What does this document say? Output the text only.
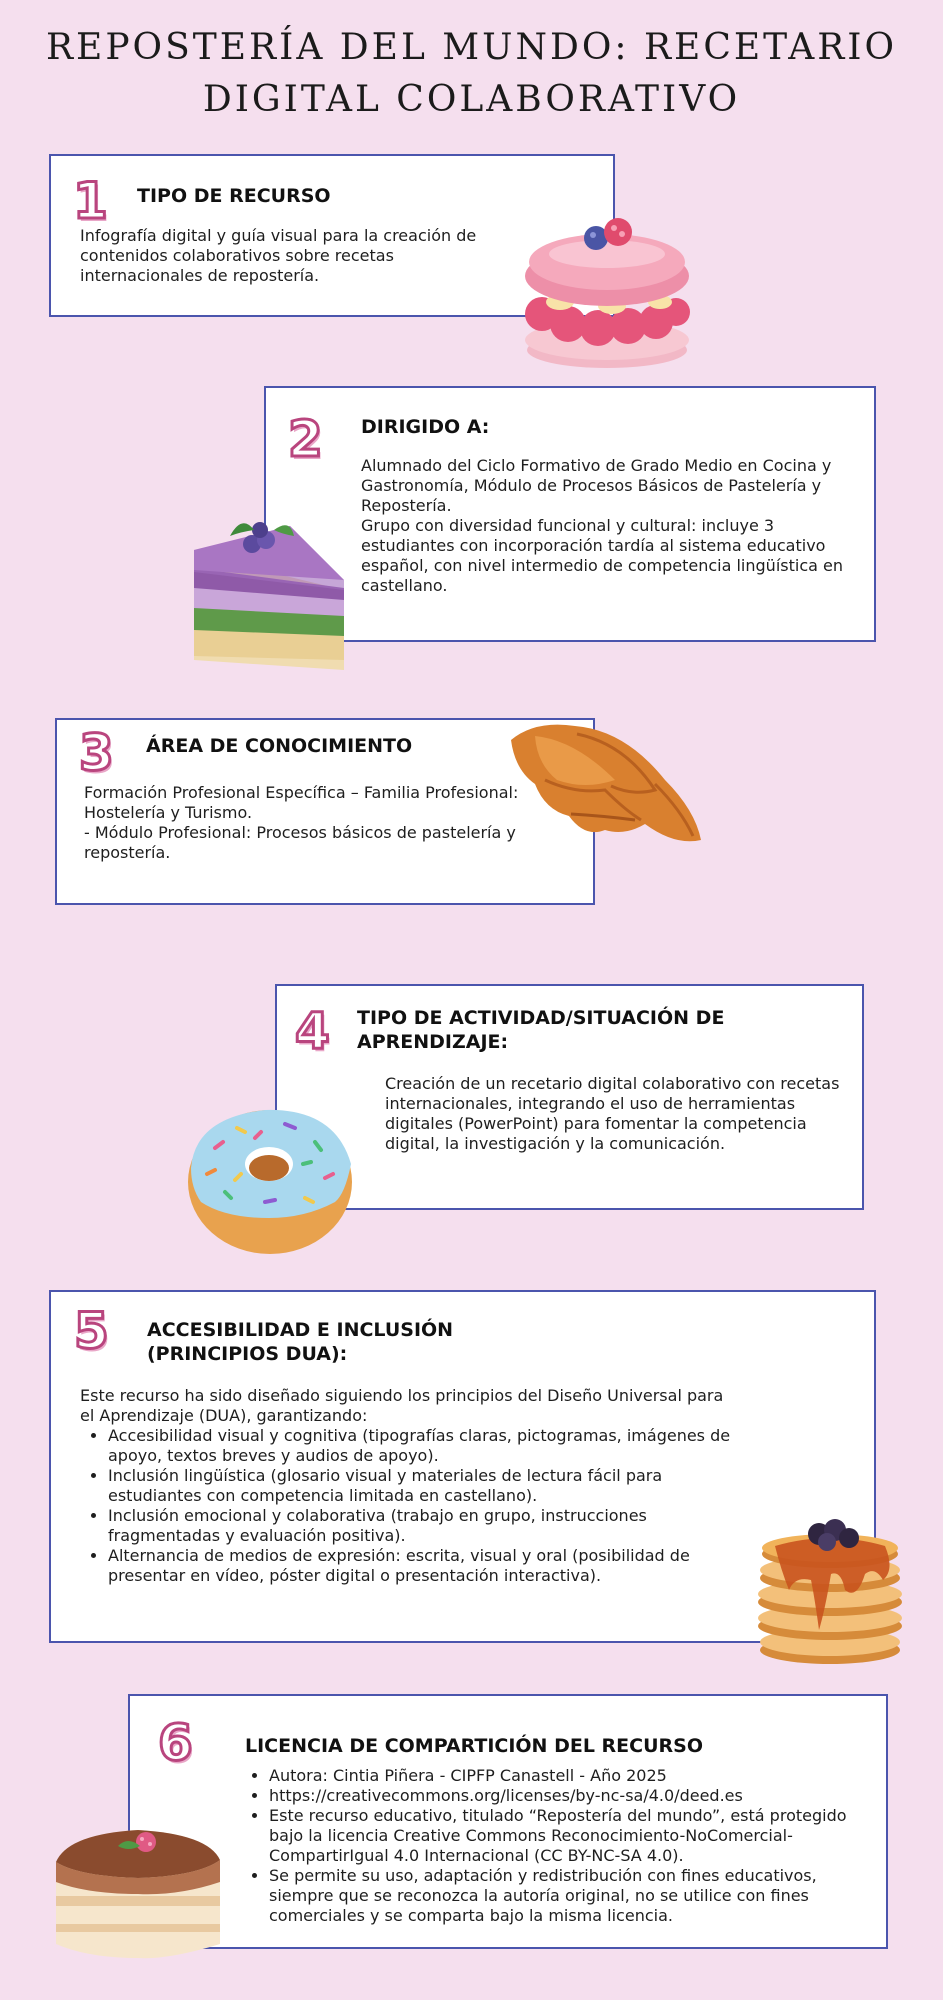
REPOSTERÍA DEL MUNDO: RECETARIO DIGITAL COLABORATIVO
1 TIPO DE RECURSO

Infografía digital y guía visual para la creación de contenidos colaborativos sobre recetas internacionales de repostería.

2 DIRIGIDO A:

Alumnado del Ciclo Formativo de Grado Medio en Cocina y Gastronomía, Módulo de Procesos Básicos de Pastelería y Repostería.

Grupo con diversidad funcional y cultural: incluye 3 estudiantes con incorporación tardía al sistema educativo español, con nivel intermedio de competencia lingüística en castellano.

3 ÁREA DE CONOCIMIENTO

Formación Profesional Específica – Familia Profesional: Hostelería y Turismo.

- Módulo Profesional: Procesos básicos de pastelería y repostería.

4 TIPO DE ACTIVIDAD/SITUACIÓN DE APRENDIZAJE:

Creación de un recetario digital colaborativo con recetas internacionales, integrando el uso de herramientas digitales (PowerPoint) para fomentar la competencia digital, la investigación y la comunicación.

5 ACCESIBILIDAD E INCLUSIÓN (PRINCIPIOS DUA):

Este recurso ha sido diseñado siguiendo los principios del Diseño Universal para el Aprendizaje (DUA), garantizando:

• Accesibilidad visual y cognitiva (tipografías claras, pictogramas, imágenes de apoyo, textos breves y audios de apoyo).
• Inclusión lingüística (glosario visual y materiales de lectura fácil para estudiantes con competencia limitada en castellano).
• Inclusión emocional y colaborativa (trabajo en grupo, instrucciones fragmentadas y evaluación positiva).
• Alternancia de medios de expresión: escrita, visual y oral (posibilidad de presentar en vídeo, póster digital o presentación interactiva).
6	LICENCIA DE COMPARTICIÓN DEL RECURSO
• Autora: Cintia Piñera - CIPFP Canastell - Año 2025
• https://creativecommons.org/licenses/by-nc-sa/4.0/deed.es
• Este recurso educativo, titulado “Repostería del mundo”, está protegido bajo la licencia Creative Commons Reconocimiento-NoComercial-CompartirIgual 4.0 Internacional (CC BY-NC-SA 4.0).
• Se permite su uso, adaptación y redistribución con fines educativos, siempre que se reconozca la autoría original, no se utilice con fines comerciales y se comparta bajo la misma licencia.
